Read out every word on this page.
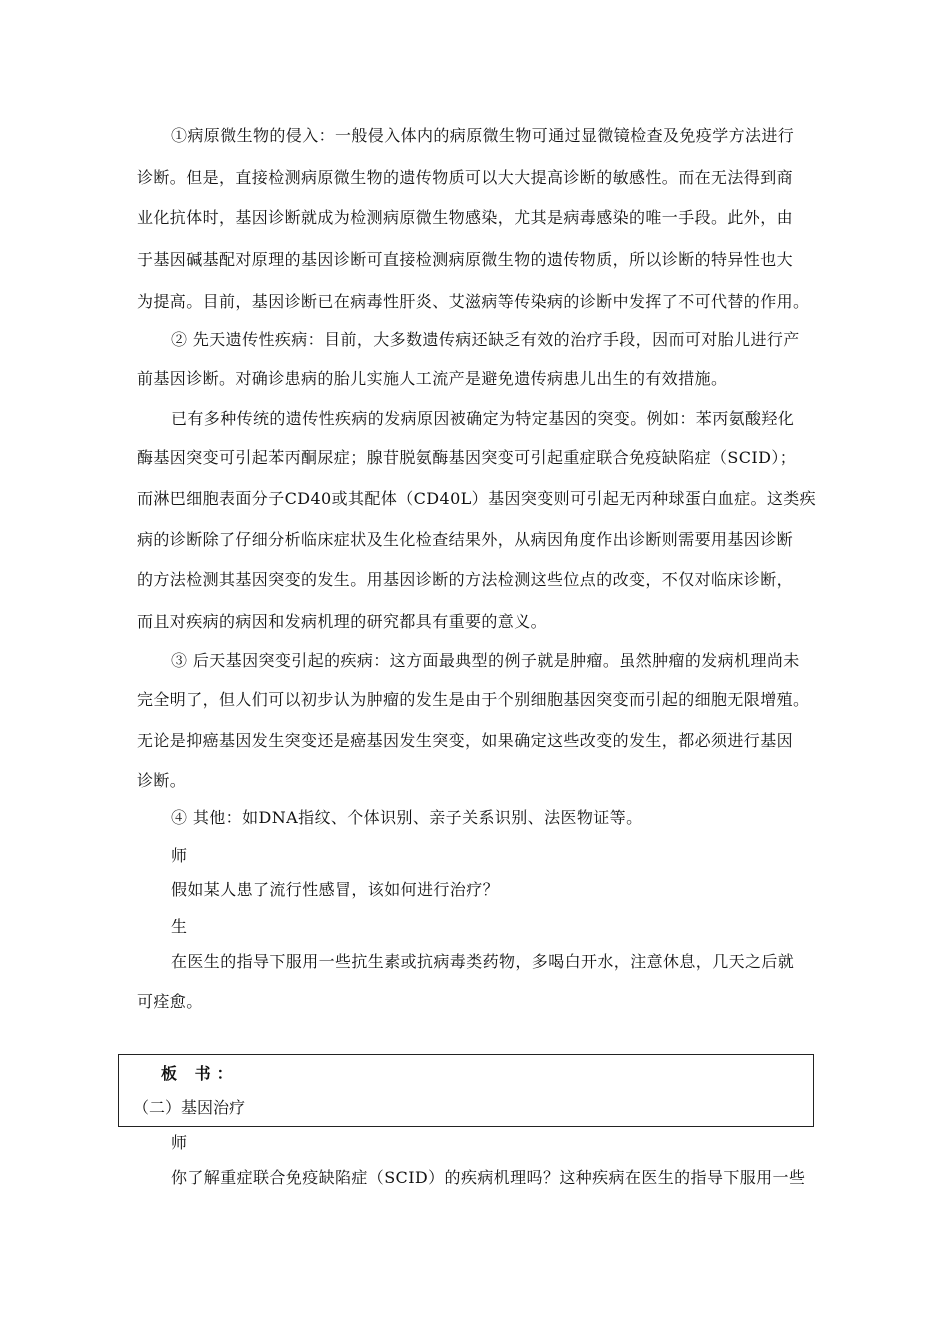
①病原微生物的侵入：一般侵入体内的病原微生物可通过显微镜检查及免疫学方法进行
诊断。但是，直接检测病原微生物的遗传物质可以大大提高诊断的敏感性。而在无法得到商
业化抗体时，基因诊断就成为检测病原微生物感染，尤其是病毒感染的唯一手段。此外，由
于基因碱基配对原理的基因诊断可直接检测病原微生物的遗传物质，所以诊断的特异性也大
为提高。目前，基因诊断已在病毒性肝炎、艾滋病等传染病的诊断中发挥了不可代替的作用。
② 先天遗传性疾病：目前，大多数遗传病还缺乏有效的治疗手段，因而可对胎儿进行产
前基因诊断。对确诊患病的胎儿实施人工流产是避免遗传病患儿出生的有效措施。
已有多种传统的遗传性疾病的发病原因被确定为特定基因的突变。例如：苯丙氨酸羟化
酶基因突变可引起苯丙酮尿症；腺苷脱氨酶基因突变可引起重症联合免疫缺陷症（SCID）；
而淋巴细胞表面分子CD40或其配体（CD40L）基因突变则可引起无丙种球蛋白血症。这类疾
病的诊断除了仔细分析临床症状及生化检查结果外，从病因角度作出诊断则需要用基因诊断
的方法检测其基因突变的发生。用基因诊断的方法检测这些位点的改变，不仅对临床诊断，
而且对疾病的病因和发病机理的研究都具有重要的意义。
③ 后天基因突变引起的疾病：这方面最典型的例子就是肿瘤。虽然肿瘤的发病机理尚未
完全明了，但人们可以初步认为肿瘤的发生是由于个别细胞基因突变而引起的细胞无限增殖。
无论是抑癌基因发生突变还是癌基因发生突变，如果确定这些改变的发生，都必须进行基因
诊断。
④ 其他：如DNA指纹、个体识别、亲子关系识别、法医物证等。
师
假如某人患了流行性感冒，该如何进行治疗？
生
在医生的指导下服用一些抗生素或抗病毒类药物，多喝白开水，注意休息，几天之后就
可痊愈。
板 书：
（二）基因治疗
师
你了解重症联合免疫缺陷症（SCID）的疾病机理吗？这种疾病在医生的指导下服用一些
